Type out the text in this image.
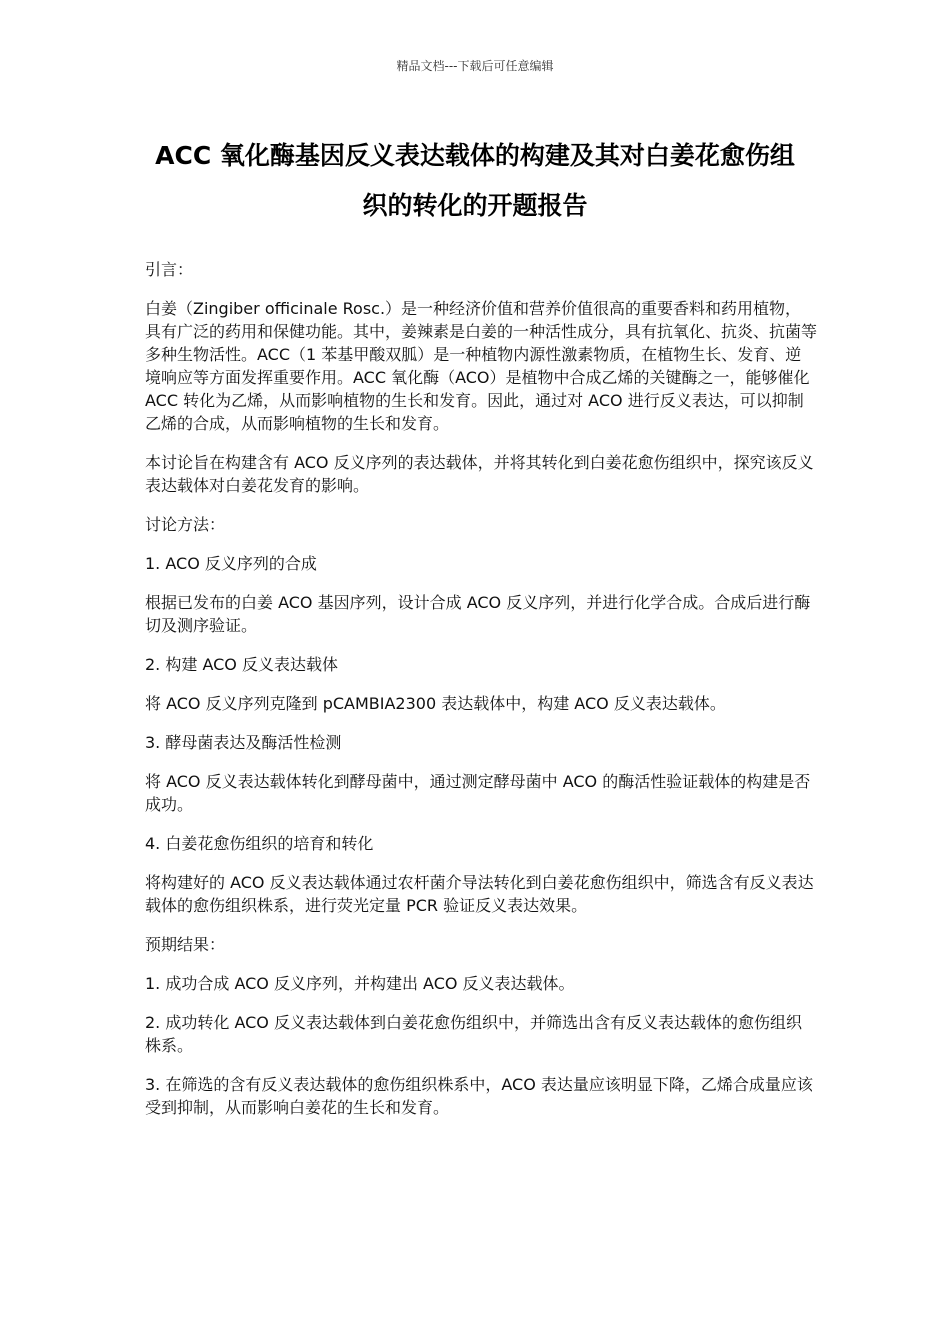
精品文档---下载后可任意编辑
ACC 氧化酶基因反义表达载体的构建及其对白姜花愈伤组
织的转化的开题报告

引言：

白姜（Zingiber officinale Rosc.）是一种经济价值和营养价值很高的重要香料和药用植物，具有广泛的药用和保健功能。其中，姜辣素是白姜的一种活性成分，具有抗氧化、抗炎、抗菌等多种生物活性。ACC（1 苯基甲酸双胍）是一种植物内源性激素物质，在植物生长、发育、逆境响应等方面发挥重要作用。ACC 氧化酶（ACO）是植物中合成乙烯的关键酶之一，能够催化 ACC 转化为乙烯，从而影响植物的生长和发育。因此，通过对 ACO 进行反义表达，可以抑制乙烯的合成，从而影响植物的生长和发育。

本讨论旨在构建含有 ACO 反义序列的表达载体，并将其转化到白姜花愈伤组织中，探究该反义表达载体对白姜花发育的影响。

讨论方法：

1. ACO 反义序列的合成

根据已发布的白姜 ACO 基因序列，设计合成 ACO 反义序列，并进行化学合成。合成后进行酶切及测序验证。

2. 构建 ACO 反义表达载体

将 ACO 反义序列克隆到 pCAMBIA2300 表达载体中，构建 ACO 反义表达载体。

3. 酵母菌表达及酶活性检测

将 ACO 反义表达载体转化到酵母菌中，通过测定酵母菌中 ACO 的酶活性验证载体的构建是否成功。

4. 白姜花愈伤组织的培育和转化

将构建好的 ACO 反义表达载体通过农杆菌介导法转化到白姜花愈伤组织中，筛选含有反义表达载体的愈伤组织株系，进行荧光定量 PCR 验证反义表达效果。

预期结果：

1. 成功合成 ACO 反义序列，并构建出 ACO 反义表达载体。

2. 成功转化 ACO 反义表达载体到白姜花愈伤组织中，并筛选出含有反义表达载体的愈伤组织株系。

3. 在筛选的含有反义表达载体的愈伤组织株系中，ACO 表达量应该明显下降，乙烯合成量应该受到抑制，从而影响白姜花的生长和发育。
